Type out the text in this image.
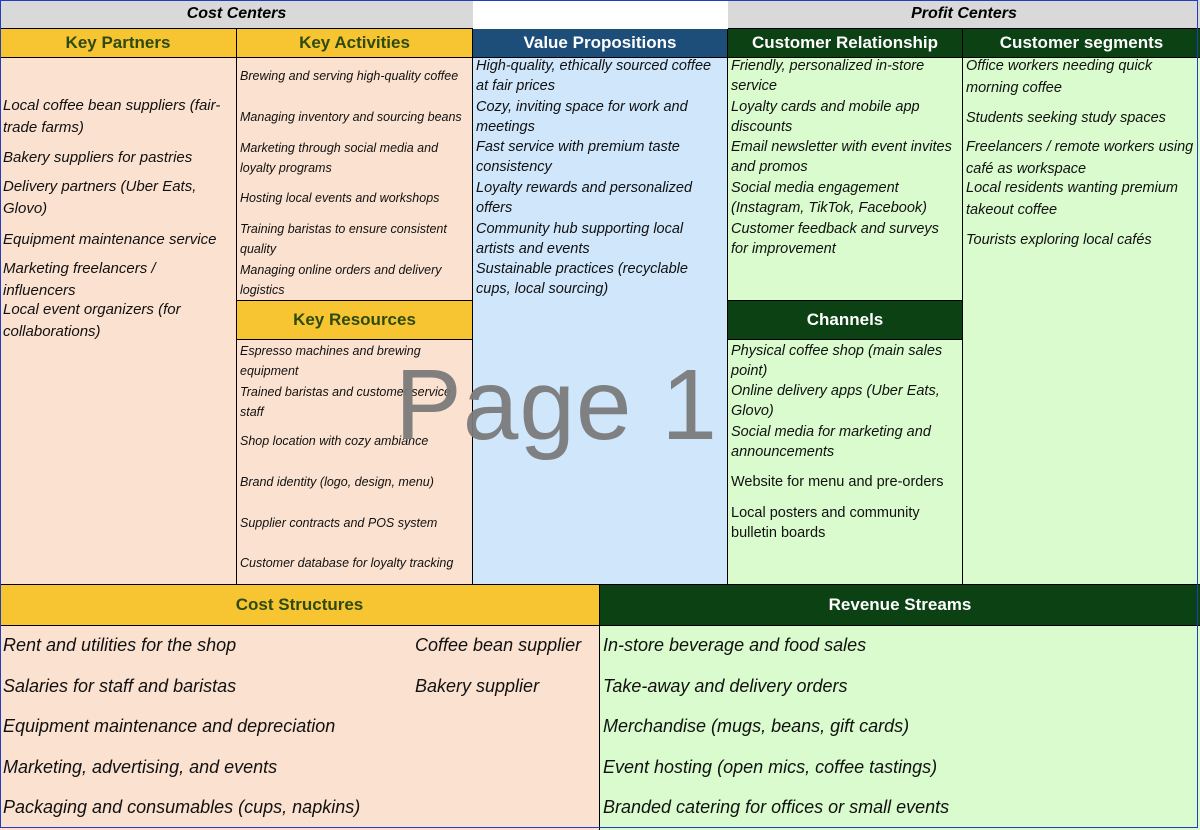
Cost Centers	Profit Centers
Key Partners
Local coffee bean suppliers (fair-trade farms)
Bakery suppliers for pastries
Delivery partners (Uber Eats, Glovo)
Equipment maintenance service
Marketing freelancers / influencers
Local event organizers (for collaborations)
Key Activities
Brewing and serving high-quality coffee
Managing inventory and sourcing beans
Marketing through social media and loyalty programs
Hosting local events and workshops
Training baristas to ensure consistent quality
Managing online orders and delivery logistics
Key Resources
Espresso machines and brewing equipment
Trained baristas and customer service staff
Shop location with cozy ambiance
Brand identity (logo, design, menu)
Supplier contracts and POS system
Customer database for loyalty tracking
Value Propositions
High-quality, ethically sourced coffee at fair prices
Cozy, inviting space for work and meetings
Fast service with premium taste consistency
Loyalty rewards and personalized offers
Community hub supporting local artists and events
Sustainable practices (recyclable cups, local sourcing)
Customer Relationship
Friendly, personalized in-store service
Loyalty cards and mobile app discounts
Email newsletter with event invites and promos
Social media engagement (Instagram, TikTok, Facebook)
Customer feedback and surveys for improvement
Channels
Physical coffee shop (main sales point)
Online delivery apps (Uber Eats, Glovo)
Social media for marketing and announcements
Website for menu and pre-orders
Local posters and community bulletin boards
Customer segments
Office workers needing quick morning coffee
Students seeking study spaces
Freelancers / remote workers using café as workspace
Local residents wanting premium takeout coffee
Tourists exploring local cafés
Cost Structures
Rent and utilities for the shop
Salaries for staff and baristas
Equipment maintenance and depreciation
Marketing, advertising, and events
Packaging and consumables (cups, napkins)
Coffee bean supplier
Bakery supplier
Revenue Streams
In-store beverage and food sales
Take-away and delivery orders
Merchandise (mugs, beans, gift cards)
Event hosting (open mics, coffee tastings)
Branded catering for offices or small events
Page 1
